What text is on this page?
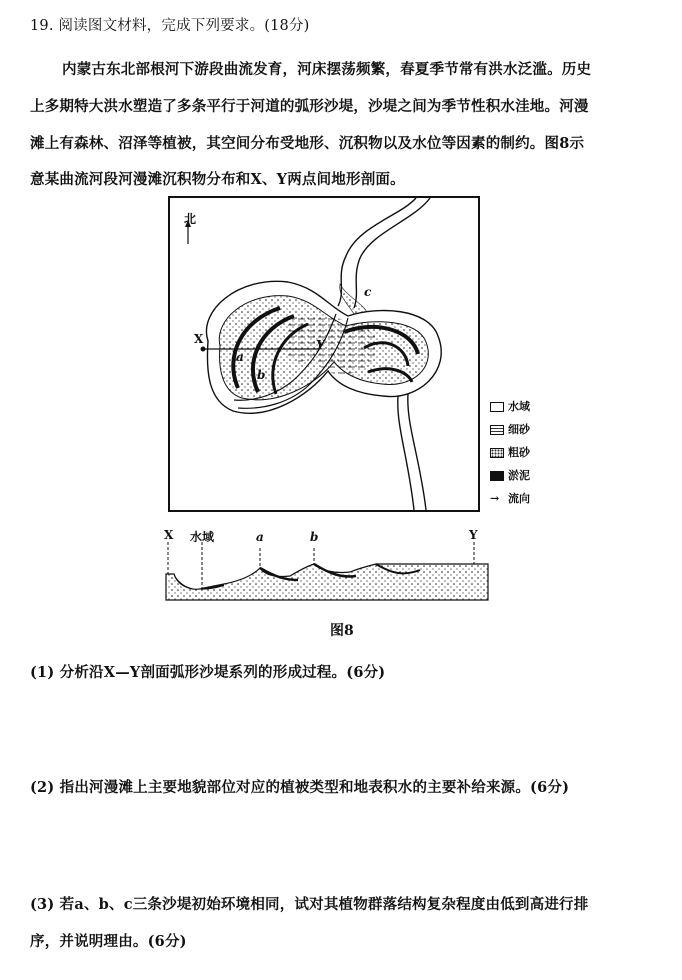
19. 阅读图文材料，完成下列要求。(18分)
内蒙古东北部根河下游段曲流发育，河床摆荡频繁，春夏季节常有洪水泛滥。历史
上多期特大洪水塑造了多条平行于河道的弧形沙堤，沙堤之间为季节性积水洼地。河漫
滩上有森林、沼泽等植被，其空间分布受地形、沉积物以及水位等因素的制约。图8示
意某曲流河段河漫滩沉积物分布和X、Y两点间地形剖面。
北
X	Y
a
b
c
水域
细砂
粗砂
淤泥
→ 流向
X 水域	a	b	Y
图8
(1) 分析沿X—Y剖面弧形沙堤系列的形成过程。(6分)
(2) 指出河漫滩上主要地貌部位对应的植被类型和地表积水的主要补给来源。(6分)
(3) 若a、b、c三条沙堤初始环境相同，试对其植物群落结构复杂程度由低到高进行排
序，并说明理由。(6分)
